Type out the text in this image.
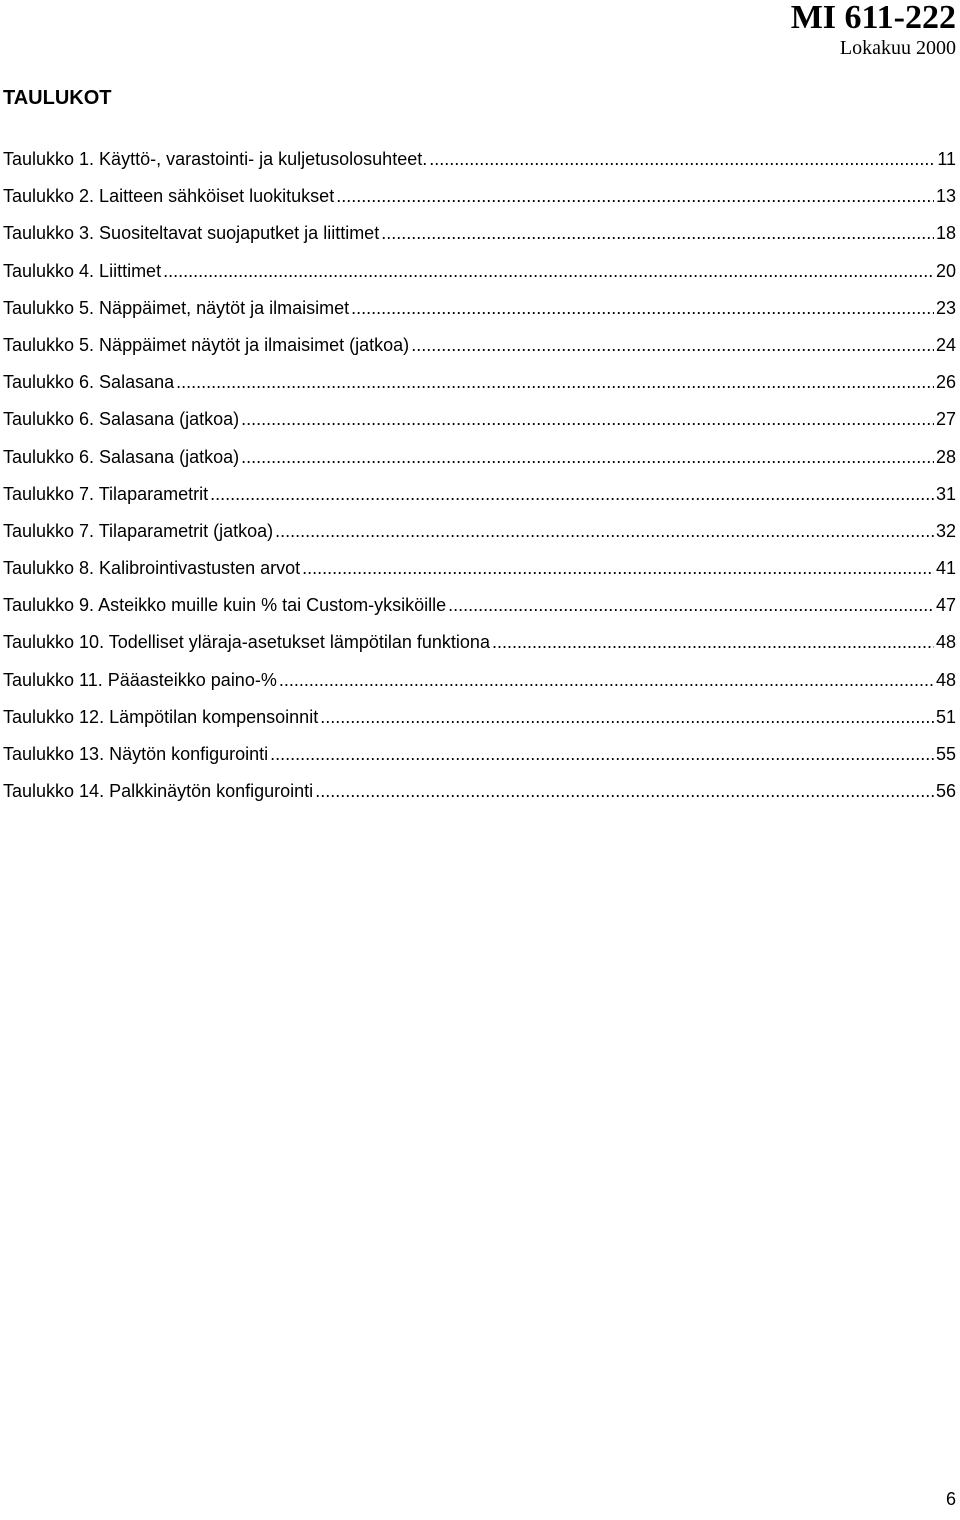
MI 611-222
Lokakuu 2000
TAULUKOT
Taulukko 1. Käyttö-, varastointi- ja kuljetusolosuhteet. .....	11
Taulukko 2. Laitteen sähköiset luokitukset .....	13
Taulukko 3. Suositeltavat suojaputket ja liittimet .....	18
Taulukko 4. Liittimet .....	20
Taulukko 5. Näppäimet, näytöt ja ilmaisimet .....	23
Taulukko 5. Näppäimet näytöt ja ilmaisimet (jatkoa) .....	24
Taulukko 6. Salasana .....	26
Taulukko 6. Salasana (jatkoa) .....	27
Taulukko 6. Salasana (jatkoa) .....	28
Taulukko 7. Tilaparametrit .....	31
Taulukko 7. Tilaparametrit (jatkoa) .....	32
Taulukko 8. Kalibrointivastusten arvot .....	41
Taulukko 9. Asteikko muille kuin % tai Custom-yksiköille .....	47
Taulukko 10. Todelliset yläraja-asetukset lämpötilan funktiona .....	48
Taulukko 11. Pääasteikko paino-% .....	48
Taulukko 12. Lämpötilan kompensoinnit .....	51
Taulukko 13. Näytön konfigurointi .....	55
Taulukko 14. Palkkinäytön konfigurointi .....	56
6
